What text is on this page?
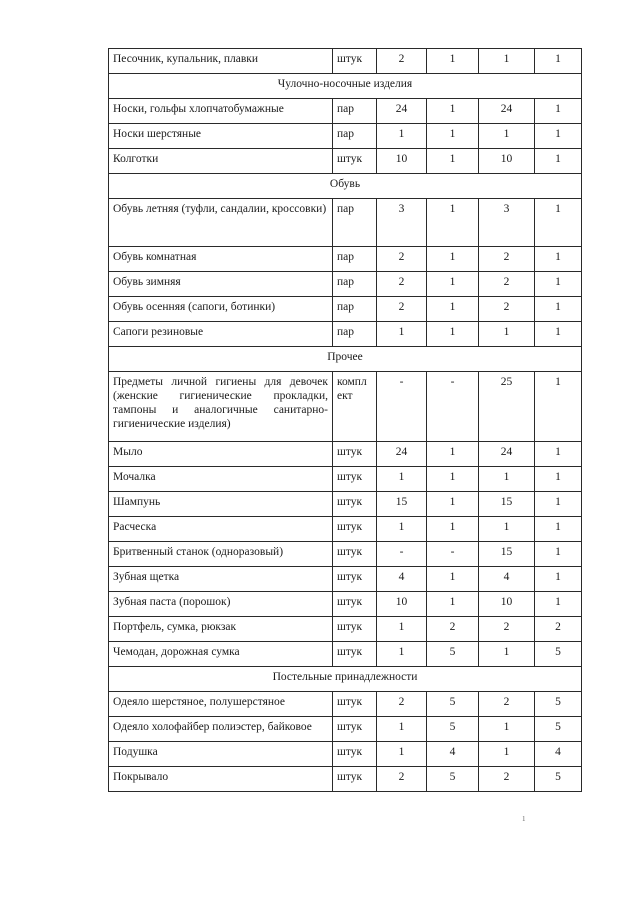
Песочник, купальник, плавки	штук	2	1	1	1
Чулочно-носочные изделия					
Носки, гольфы хлопчатобумажные	пар	24	1	24	1
Носки шерстяные	пар	1	1	1	1
Колготки	штук	10	1	10	1
Обувь					
Обувь летняя (туфли, сандалии, кроссовки)	пар	3	1	3	1
Обувь комнатная	пар	2	1	2	1
Обувь зимняя	пар	2	1	2	1
Обувь осенняя (сапоги, ботинки)	пар	2	1	2	1
Сапоги резиновые	пар	1	1	1	1
Прочее					
Предметы личной гигиены для девочек (женские гигиенические прокладки, тампоны и аналогичные санитарно-гигиенические изделия)	компл ект	-	-	25	1
Мыло	штук	24	1	24	1
Мочалка	штук	1	1	1	1
Шампунь	штук	15	1	15	1
Расческа	штук	1	1	1	1
Бритвенный станок (одноразовый)	штук	-	-	15	1
Зубная щетка	штук	4	1	4	1
Зубная паста (порошок)	штук	10	1	10	1
Портфель, сумка, рюкзак	штук	1	2	2	2
Чемодан, дорожная сумка	штук	1	5	1	5
Постельные принадлежности					
Одеяло шерстяное, полушерстяное	штук	2	5	2	5
Одеяло холофайбер полиэстер, байковое	штук	1	5	1	5
Подушка	штук	1	4	1	4
Покрывало	штук	2	5	2	5
1
